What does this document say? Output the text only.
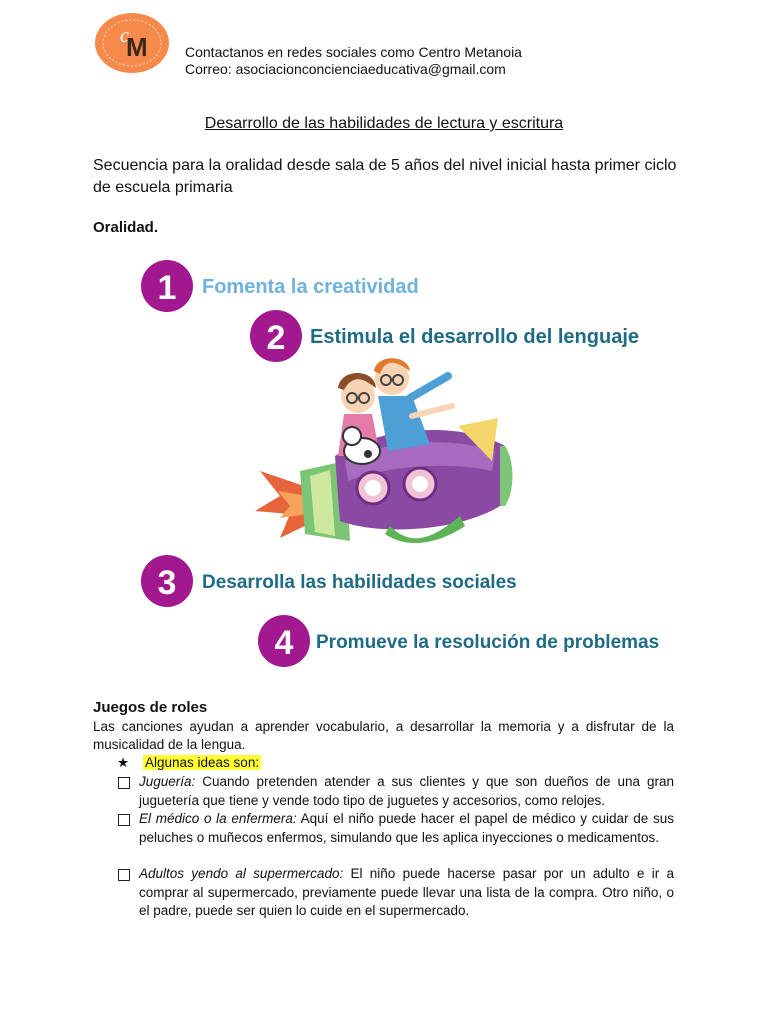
c
M	Contactanos en redes sociales como Centro Metanoia
Correo: asociacionconcienciaeducativa@gmail.com
Desarrollo de las habilidades de lectura y escritura
Secuencia para la oralidad desde sala de 5 años del nivel inicial hasta primer ciclo de escuela primaria
Oralidad.
1 Fomenta la creatividad
2 Estimula el desarrollo del lenguaje
3 Desarrolla las habilidades sociales
4 Promueve la resolución de problemas
Juegos de roles
Las canciones ayudan a aprender vocabulario, a desarrollar la memoria y a disfrutar de la musicalidad de la lengua.
★ Algunas ideas son:
Juguería: Cuando pretenden atender a sus clientes y que son dueños de una gran juguetería que tiene y vende todo tipo de juguetes y accesorios, como relojes.
El médico o la enfermera: Aquí el niño puede hacer el papel de médico y cuidar de sus peluches o muñecos enfermos, simulando que les aplica inyecciones o medicamentos.
Adultos yendo al supermercado: El niño puede hacerse pasar por un adulto e ir a comprar al supermercado, previamente puede llevar una lista de la compra. Otro niño, o el padre, puede ser quien lo cuide en el supermercado.
